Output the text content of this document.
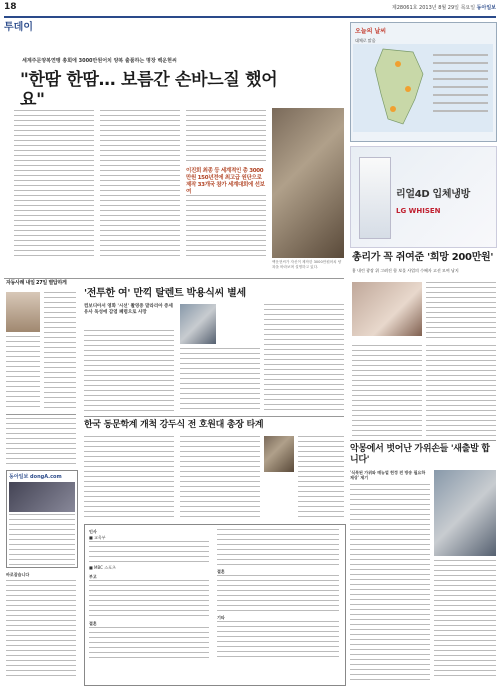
18	제28061호 2013년 8월 29일 목요일 동아일보
투데이
세계주문양복연맹 총회에 3000만원어치 양복 출품하는 명장 백운현씨
"한땀 한땀… 보름간 손바느질 했어요"
이진회 최종 등 세계적인 총 3000만원 150년전에 최고급 원단으로 제작 33개국 참가 세계대회에 선보여
백운현씨가 자신이 제작한 3000만원어치 양복을 바라보며 설명하고 있다.
오늘의 날씨
대체로 맑음
리얼4D 입체냉방
LG WHISEN
총리가 꼭 쥐여준 '희망 200만원'
홈 내린 광장 위 그려진 합 보물 사업의 수혜자 고선 모여 남지
자동사례 내일 27일 별답하게
동아일보 dongA.com
바로잡습니다
'전투한 여' 만끽 탈렌트 박용식씨 별세
컴보디아서 영화 '시선' 촬영중 말라리아 증세 유사 독성에 감염 폐렴으로 사망
한국 동문학계 개척 강두식 전 호원대 총장 타계
인사
■ 교육부
■ MBC 스포츠
부고
결혼
결혼
기타
악몽에서 벗어난 가위손들 '새출발 합니다'
'식목된 가위와 매뉴얼 헌정 전 방송 필요하 제상' 제기
